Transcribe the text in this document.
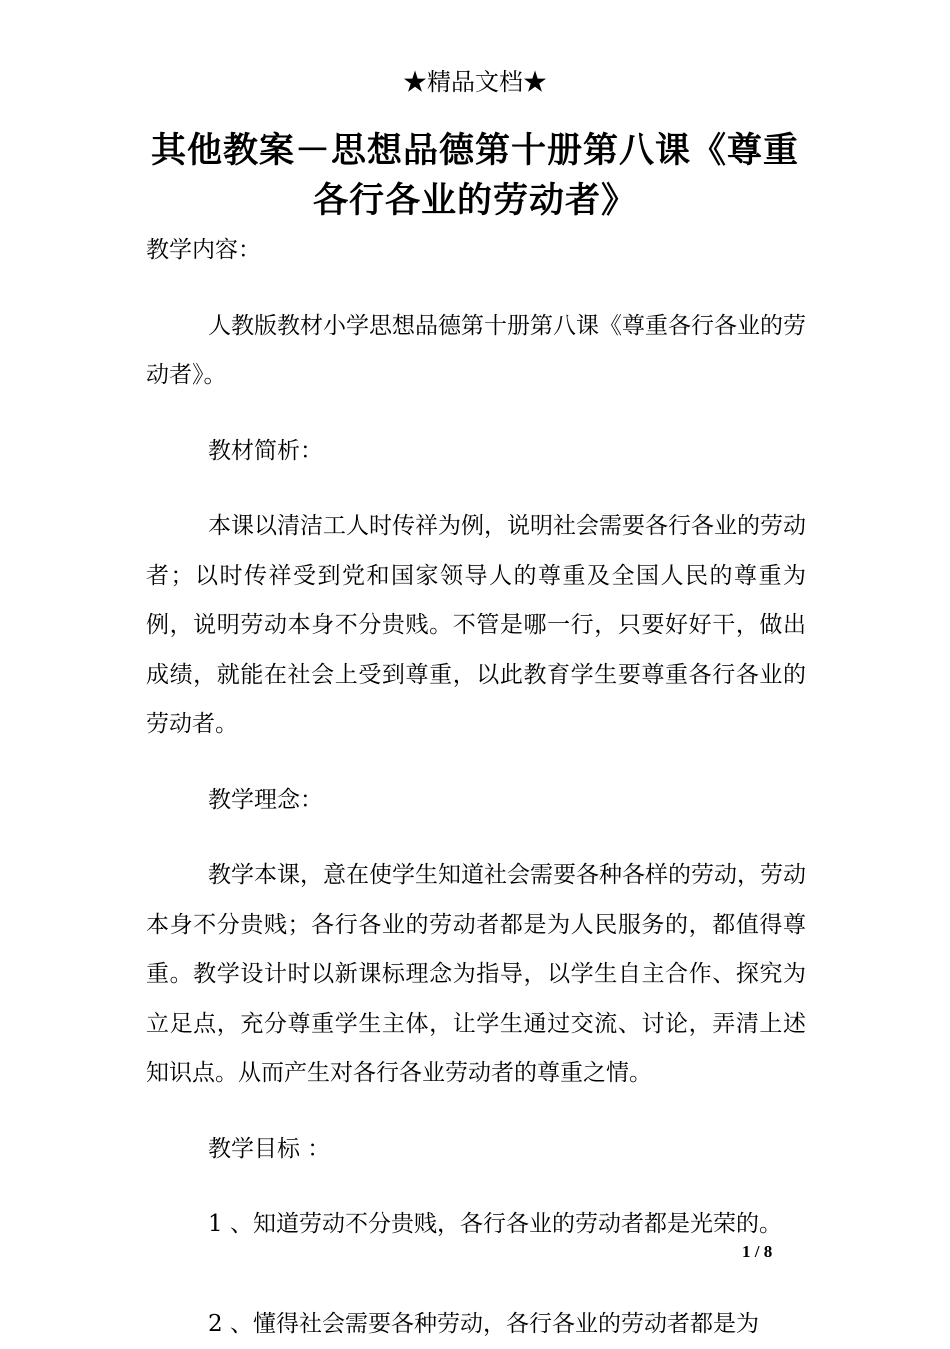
★精品文档★
其他教案－思想品德第十册第八课《尊重各行各业的劳动者》

教学内容：

人教版教材小学思想品德第十册第八课《尊重各行各业的劳动者》。

教材简析：

本课以清洁工人时传祥为例，说明社会需要各行各业的劳动者；以时传祥受到党和国家领导人的尊重及全国人民的尊重为例，说明劳动本身不分贵贱。不管是哪一行，只要好好干，做出成绩，就能在社会上受到尊重，以此教育学生要尊重各行各业的劳动者。

教学理念：

教学本课，意在使学生知道社会需要各种各样的劳动，劳动本身不分贵贱；各行各业的劳动者都是为人民服务的，都值得尊重。教学设计时以新课标理念为指导，以学生自主合作、探究为立足点，充分尊重学生主体，让学生通过交流、讨论，弄清上述知识点。从而产生对各行各业劳动者的尊重之情。

教学目标 ：

1 、知道劳动不分贵贱，各行各业的劳动者都是光荣的。

2 、懂得社会需要各种劳动，各行各业的劳动者都是为

1 / 8
